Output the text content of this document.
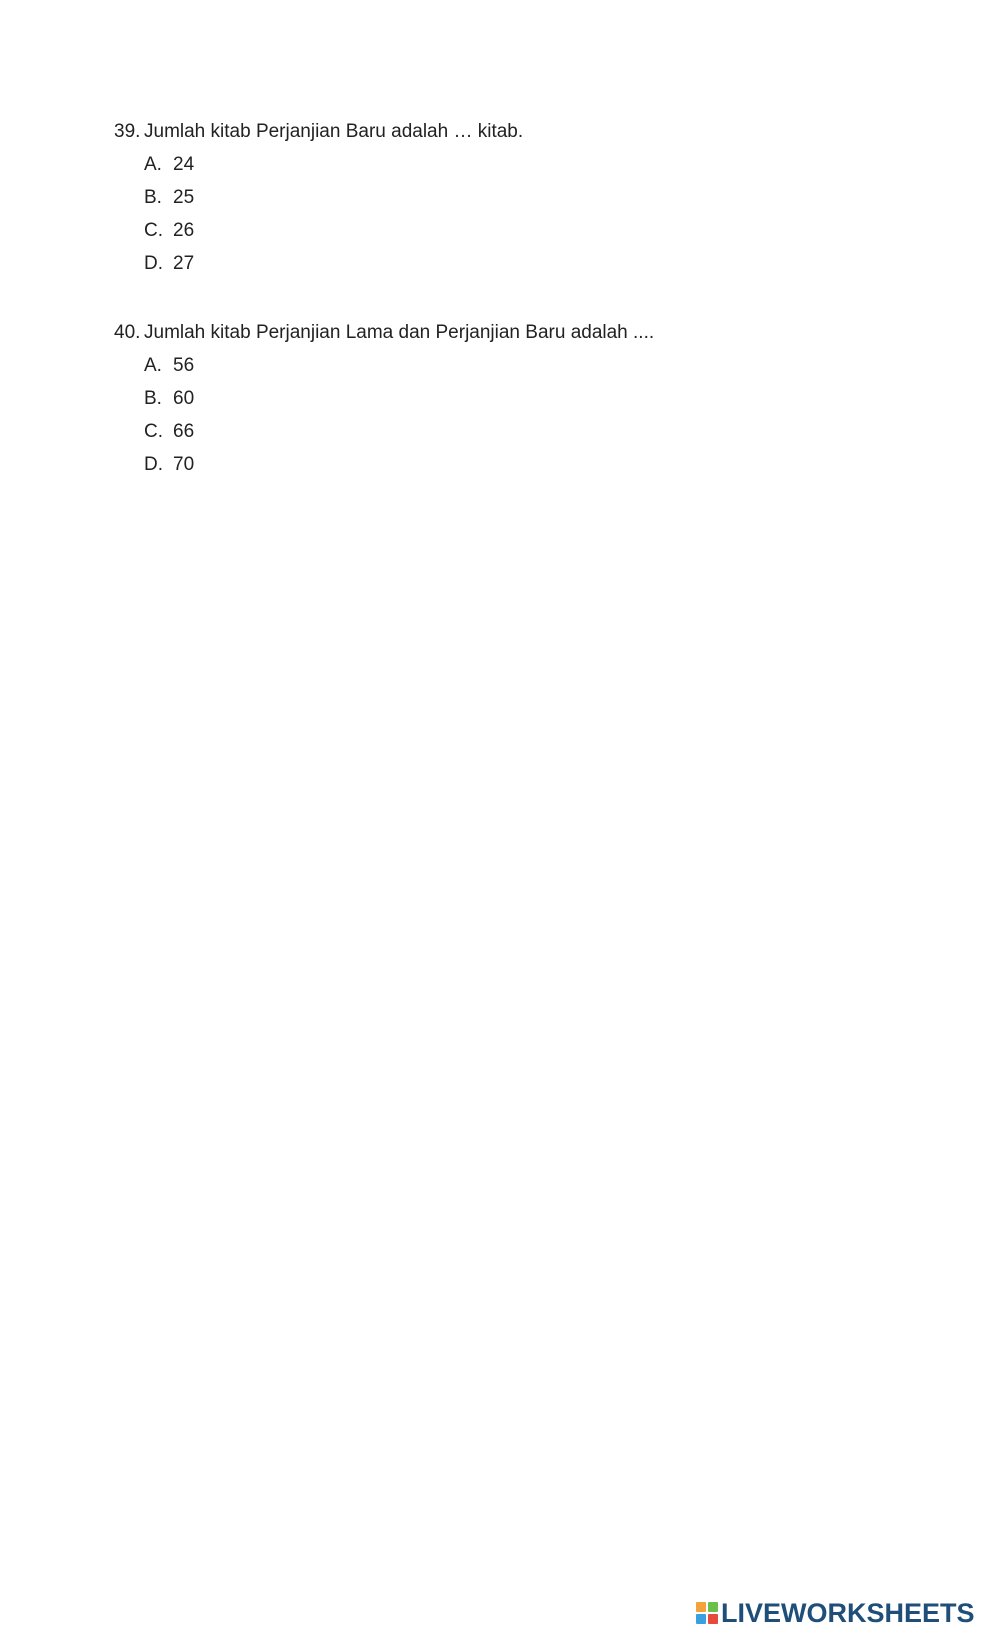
39. Jumlah kitab Perjanjian Baru adalah … kitab.
A. 24
B. 25
C. 26
D. 27
40. Jumlah kitab Perjanjian Lama dan Perjanjian Baru adalah ....
A. 56
B. 60
C. 66
D. 70
LIVEWORKSHEETS
